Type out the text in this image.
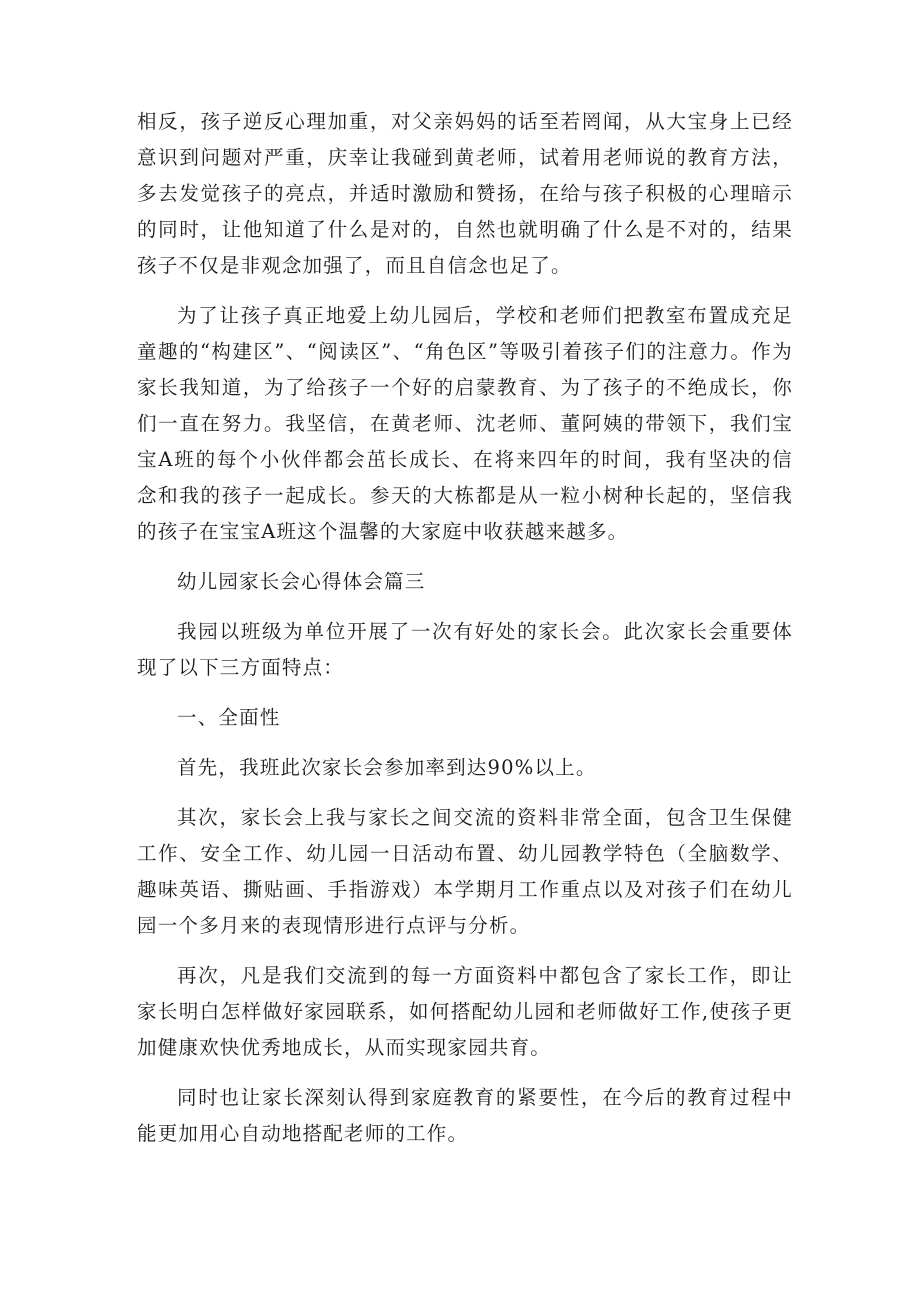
相反，孩子逆反心理加重，对父亲妈妈的话至若罔闻，从大宝身上已经意识到问题对严重，庆幸让我碰到黄老师，试着用老师说的教育方法，多去发觉孩子的亮点，并适时激励和赞扬，在给与孩子积极的心理暗示的同时，让他知道了什么是对的，自然也就明确了什么是不对的，结果孩子不仅是非观念加强了，而且自信念也足了。

为了让孩子真正地爱上幼儿园后，学校和老师们把教室布置成充足童趣的“构建区”、“阅读区”、“角色区”等吸引着孩子们的注意力。作为家长我知道，为了给孩子一个好的启蒙教育、为了孩子的不绝成长，你们一直在努力。我坚信，在黄老师、沈老师、董阿姨的带领下，我们宝宝A班的每个小伙伴都会茁长成长、在将来四年的时间，我有坚决的信念和我的孩子一起成长。参天的大栋都是从一粒小树种长起的，坚信我的孩子在宝宝A班这个温馨的大家庭中收获越来越多。

幼儿园家长会心得体会篇三

我园以班级为单位开展了一次有好处的家长会。此次家长会重要体现了以下三方面特点：

一、全面性

首先，我班此次家长会参加率到达90%以上。

其次，家长会上我与家长之间交流的资料非常全面，包含卫生保健工作、安全工作、幼儿园一日活动布置、幼儿园教学特色（全脑数学、趣味英语、撕贴画、手指游戏）本学期月工作重点以及对孩子们在幼儿园一个多月来的表现情形进行点评与分析。

再次，凡是我们交流到的每一方面资料中都包含了家长工作，即让家长明白怎样做好家园联系，如何搭配幼儿园和老师做好工作,使孩子更加健康欢快优秀地成长，从而实现家园共育。

同时也让家长深刻认得到家庭教育的紧要性，在今后的教育过程中能更加用心自动地搭配老师的工作。
